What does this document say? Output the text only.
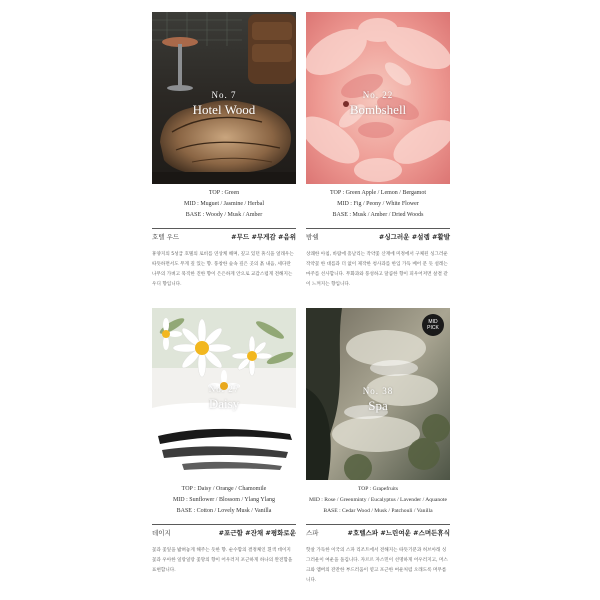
No. 7
Hotel Wood
TOP : Green
MID : Muguet / Jasmine / Herbal
BASE : Woody / Musk / Amber
호텔 우드	#무드 #무게감 #음위
휴양지의 5성급 호텔의 로비를 연상케 해며, 깊고 있던 휴식을 얼래우는 따뜻하면서도 무게 깊 있는 향. 풍창한 숲속 깊은 곳의 흙 내음, 세다란 나무의 가벼고 묵직한 진한 향이 은은하게 안으로 교감스럽게 전해지는 우디 향입니다.
No. 22
Bombshell
TOP : Green Apple / Lemon / Bergamot
MID : Fig / Peony / White Flower
BASE : Musk / Amber / Dried Woods
밤쉘	#싱그러운 #설렘 #활발
상쾌한 아침, 바람에 흩날리는 작약꽃 산재에 미정에서 구체된 싱그러운 작약꽃 한 대를과 더 없이 제작한 청사과를 한입 가득 베어 문 듯 설레는 마주를 선사합니다. 무화과와 풍성하고 달콤한 향이 피우어저면 살결 같이 느껴지는 향입니다.
No. 27
Daisy
TOP : Daisy / Orange / Chamomile
MID : Sunflower / Blossom / Ylang Ylang
BASE : Cotton / Lovely Musk / Vanilla
데이지	#포근함 #잔채 #평화로운
꽃과 꽃잎을 밟혀놓게 해주는 듯한 향. 순수함의 결정체인 흰색 데이지 꽃과 우아한 일랑일랑 꽃망의 향이 어우러져 포근하게 하나의 완전함을 표현합니다.
MID PICK
No. 38
Spa
TOP : Grapefruits
MID : Rose / Greenminty / Eucalyptus / Lavender / Aquanote
BASE : Cedar Wood / Musk / Patchouli / Vanilla
스파	#호텔스파 #느린여운 #스며든휴식
핫살 가득한 이국의 스파 리조트에서 전해지는 따뜻기분과 허브아래 싱그러운이 여운을 돌깁니다. 자르르 자스민이 선명하게 어우러지고, 머스크와 앰버의 잔잔한 부드러움이 옅고 포근한 여운처럼 오래도록 머무릅니다.
